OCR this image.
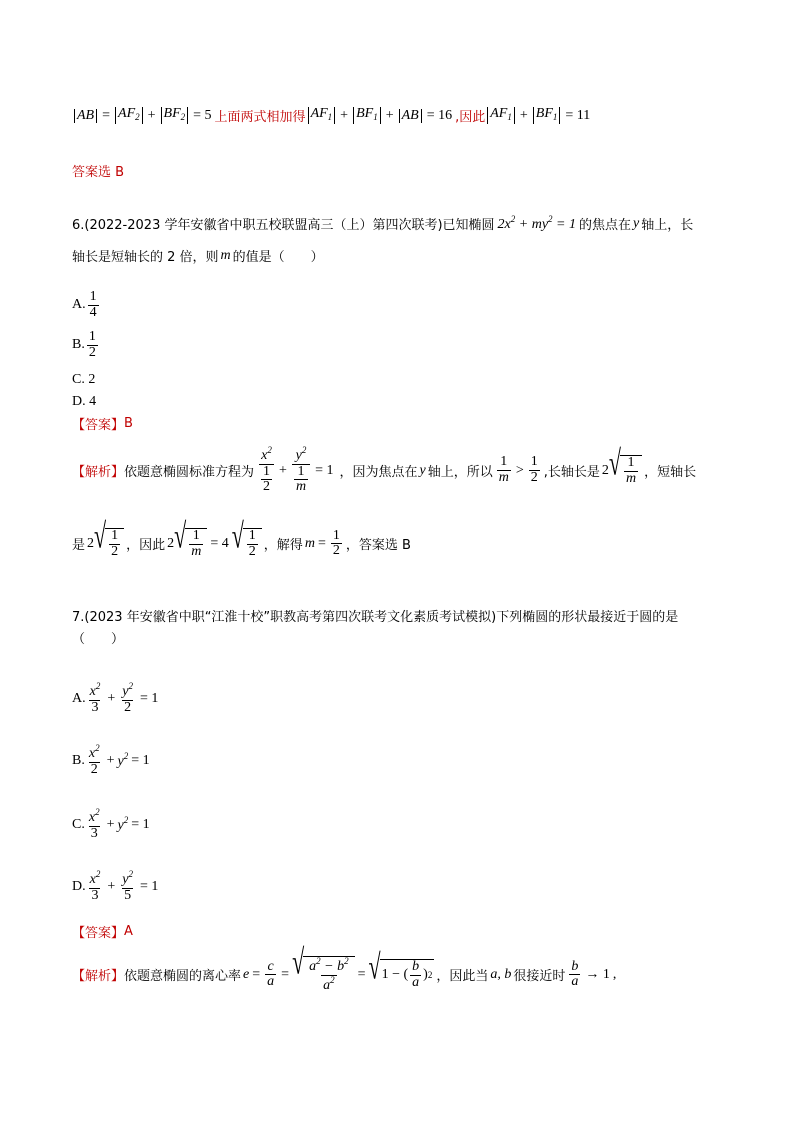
AB = $AF_2 + BF_2 = 5$ 上面两式相加得 $AF_1 + BF_1$ + AB = 16 ,因此 $AF_1 + BF_1 = 11$
答案选 B
6.(2022-2023 学年安徽省中职五校联盟高三（上）第四次联考)已知椭圆 $2x^2 + my^2 = 1$ 的焦点在 y 轴上，长
轴长是短轴长的 2 倍，则 m 的值是（　　）
A. $\frac{1}{4}$
B. $\frac{1}{2}$
C. 2
D. 4
【答案】 B
【解析】 依题意椭圆标准方程为 $\frac{x^2}{\frac{1}{2}} + \frac{y^2}{\frac{1}{m}} = 1$ ，因为焦点在 y 轴上，所以 $\frac{1}{m} > \frac{1}{2}$ ,长轴长是 2 √ $\frac{1}{m}$ ，短轴长
是 2 √ $\frac{1}{2}$ ，因此 2 √ $\frac{1}{m} = 4$ √ $\frac{1}{2}$ ，解得 $m = \frac{1}{2}$ ，答案选 B
7.(2023 年安徽省中职“江淮十校”职教高考第四次联考文化素质考试模拟)下列椭圆的形状最接近于圆的是
（　　）
A. $\frac{x^2}{3} + \frac{y^2}{2} = 1$
B. $\frac{x^2}{2} + y^2 = 1$
C. $\frac{x^2}{3} + y^2 = 1$
D. $\frac{x^2}{3} + \frac{y^2}{5} = 1$
【答案】 A
【解析】 依题意椭圆的离心率 $e = \frac{c}{a}$ = √ $\frac{a^2 - b^2}{a^2}$ = √ 1 − ( $\frac{b}{a}$ ) 2 ，因此当 a, b 很接近时 $\frac{b}{a} \to 1$ ,
